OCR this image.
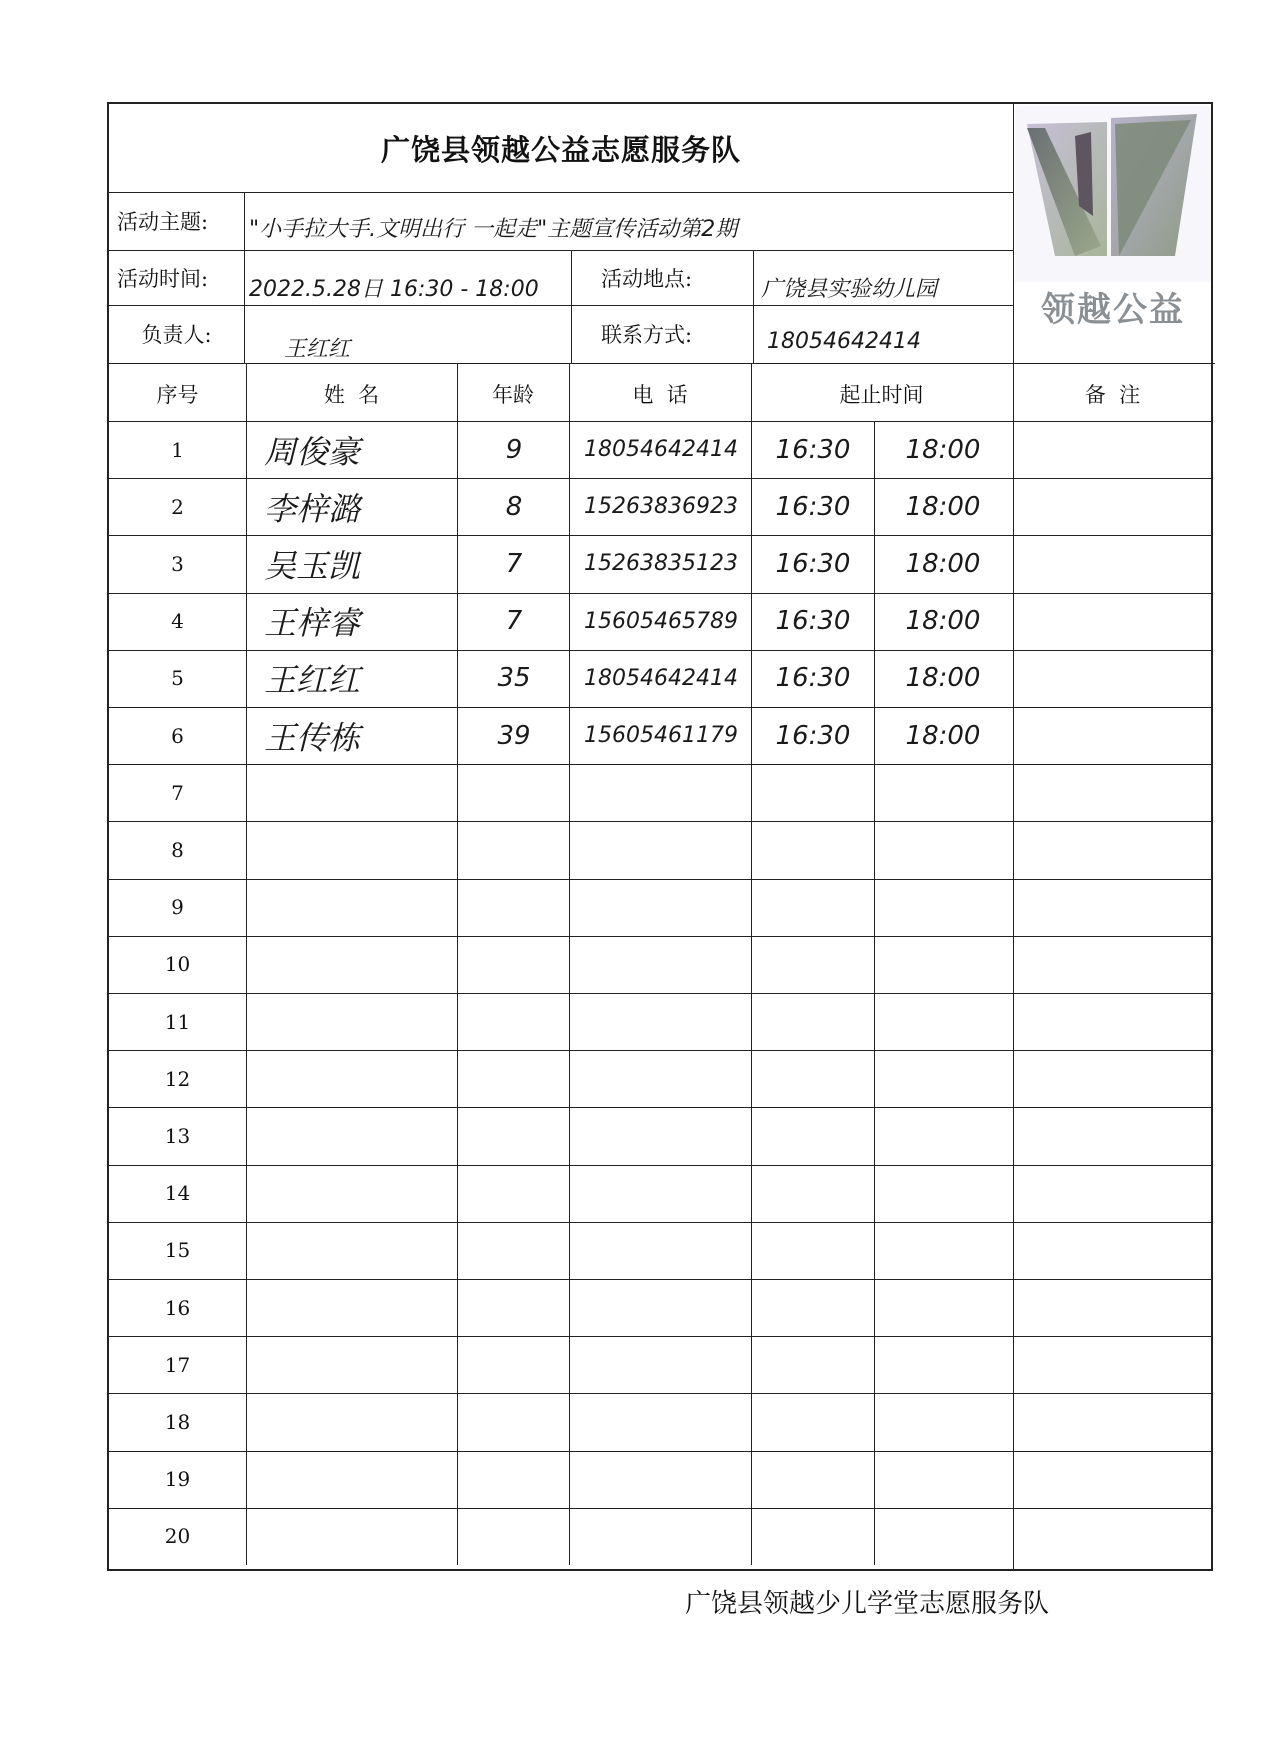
广饶县领越公益志愿服务队
领越公益
活动主题:	"小手拉大手.文明出行 一起走"主题宣传活动第2期
活动时间:	2022.5.28日 16:30 - 18:00	活动地点:	广饶县实验幼儿园
负责人:
王红红
联系方式:	18054642414
序号	姓  名	年龄	电  话	起止时间	备  注
1	周俊豪	9	18054642414	16:30	18:00
2	李梓潞	8	15263836923	16:30	18:00
3	吴玉凯	7	15263835123	16:30	18:00
4	王梓睿	7	15605465789	16:30	18:00
5	王红红	35	18054642414	16:30	18:00
6	王传栋	39	15605461179	16:30	18:00
7
8
9
10
11
12
13
14
15
16
17
18
19
20
广饶县领越少儿学堂志愿服务队
